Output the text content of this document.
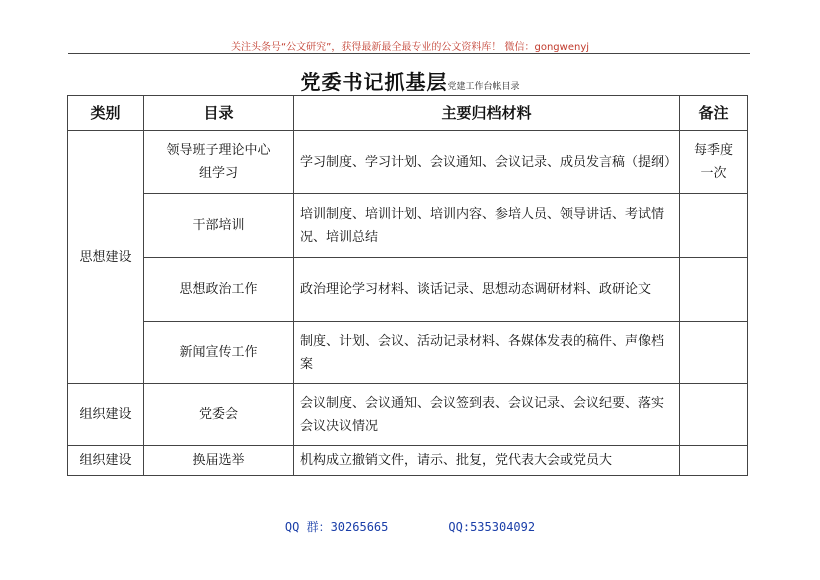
关注头条号“公文研究”，获得最新最全最专业的公文资料库！ 微信：gongwenyj
党委书记抓基层党建工作台帐目录
类别	目录	主要归档材料	备注
思想建设	领导班子理论中心组学习	学习制度、学习计划、会议通知、会议记录、成员发言稿（提纲）	每季度一次

	干部培训	培训制度、培训计划、培训内容、参培人员、领导讲话、考试情况、培训总结	
	思想政治工作	政治理论学习材料、谈话记录、思想动态调研材料、政研论文	
	新闻宣传工作	制度、计划、会议、活动记录材料、各媒体发表的稿件、声像档案	
组织建设	党委会	会议制度、会议通知、会议签到表、会议记录、会议纪要、落实会议决议情况	
组织建设	换届选举	机构成立撤销文件，请示、批复，党代表大会或党员大	
QQ 群：30265665	QQ:535304092
